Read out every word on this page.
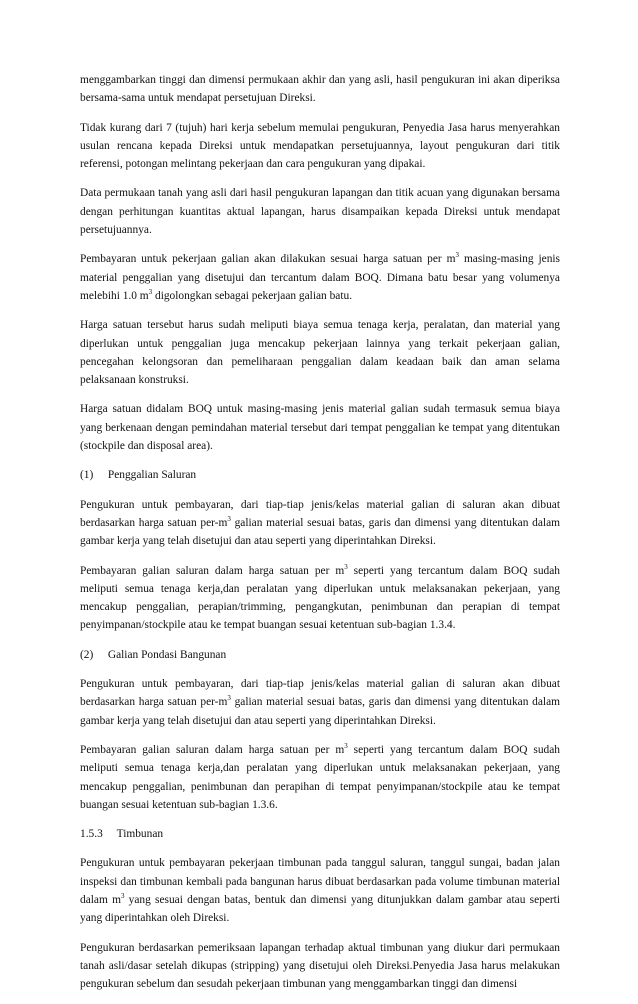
menggambarkan tinggi dan dimensi permukaan akhir dan yang asli, hasil pengukuran ini akan diperiksa bersama-sama untuk mendapat persetujuan Direksi.

Tidak kurang dari 7 (tujuh) hari kerja sebelum memulai pengukuran, Penyedia Jasa harus menyerahkan usulan rencana kepada Direksi untuk mendapatkan persetujuannya, layout pengukuran dari titik referensi, potongan melintang pekerjaan dan cara pengukuran yang dipakai.

Data permukaan tanah yang asli dari hasil pengukuran lapangan dan titik acuan yang digunakan bersama dengan perhitungan kuantitas aktual lapangan, harus disampaikan kepada Direksi untuk mendapat persetujuannya.

Pembayaran untuk pekerjaan galian akan dilakukan sesuai harga satuan per $m^3$ masing-masing jenis material penggalian yang disetujui dan tercantum dalam BOQ. Dimana batu besar yang volumenya melebihi 1.0 $m^3$ digolongkan sebagai pekerjaan galian batu.

Harga satuan tersebut harus sudah meliputi biaya semua tenaga kerja, peralatan, dan material yang diperlukan untuk penggalian juga mencakup pekerjaan lainnya yang terkait pekerjaan galian, pencegahan kelongsoran dan pemeliharaan penggalian dalam keadaan baik dan aman selama pelaksanaan konstruksi.

Harga satuan didalam BOQ untuk masing-masing jenis material galian sudah termasuk semua biaya yang berkenaan dengan pemindahan material tersebut dari tempat penggalian ke tempat yang ditentukan (stockpile dan disposal area).

(1) Penggalian Saluran

Pengukuran untuk pembayaran, dari tiap-tiap jenis/kelas material galian di saluran akan dibuat berdasarkan harga satuan per-$m^3$ galian material sesuai batas, garis dan dimensi yang ditentukan dalam gambar kerja yang telah disetujui dan atau seperti yang diperintahkan Direksi.

Pembayaran galian saluran dalam harga satuan per $m^3$ seperti yang tercantum dalam BOQ sudah meliputi semua tenaga kerja,dan peralatan yang diperlukan untuk melaksanakan pekerjaan, yang mencakup penggalian, perapian/trimming, pengangkutan, penimbunan dan perapian di tempat penyimpanan/stockpile atau ke tempat buangan sesuai ketentuan sub-bagian 1.3.4.

(2) Galian Pondasi Bangunan

Pengukuran untuk pembayaran, dari tiap-tiap jenis/kelas material galian di saluran akan dibuat berdasarkan harga satuan per-$m^3$ galian material sesuai batas, garis dan dimensi yang ditentukan dalam gambar kerja yang telah disetujui dan atau seperti yang diperintahkan Direksi.

Pembayaran galian saluran dalam harga satuan per $m^3$ seperti yang tercantum dalam BOQ sudah meliputi semua tenaga kerja,dan peralatan yang diperlukan untuk melaksanakan pekerjaan, yang mencakup penggalian, penimbunan dan perapihan di tempat penyimpanan/stockpile atau ke tempat buangan sesuai ketentuan sub-bagian 1.3.6.

1.5.3 Timbunan

Pengukuran untuk pembayaran pekerjaan timbunan pada tanggul saluran, tanggul sungai, badan jalan inspeksi dan timbunan kembali pada bangunan harus dibuat berdasarkan pada volume timbunan material dalam $m^3$ yang sesuai dengan batas, bentuk dan dimensi yang ditunjukkan dalam gambar atau seperti yang diperintahkan oleh Direksi.

Pengukuran berdasarkan pemeriksaan lapangan terhadap aktual timbunan yang diukur dari permukaan tanah asli/dasar setelah dikupas (stripping) yang disetujui oleh Direksi.Penyedia Jasa harus melakukan pengukuran sebelum dan sesudah pekerjaan timbunan yang menggambarkan tinggi dan dimensi
